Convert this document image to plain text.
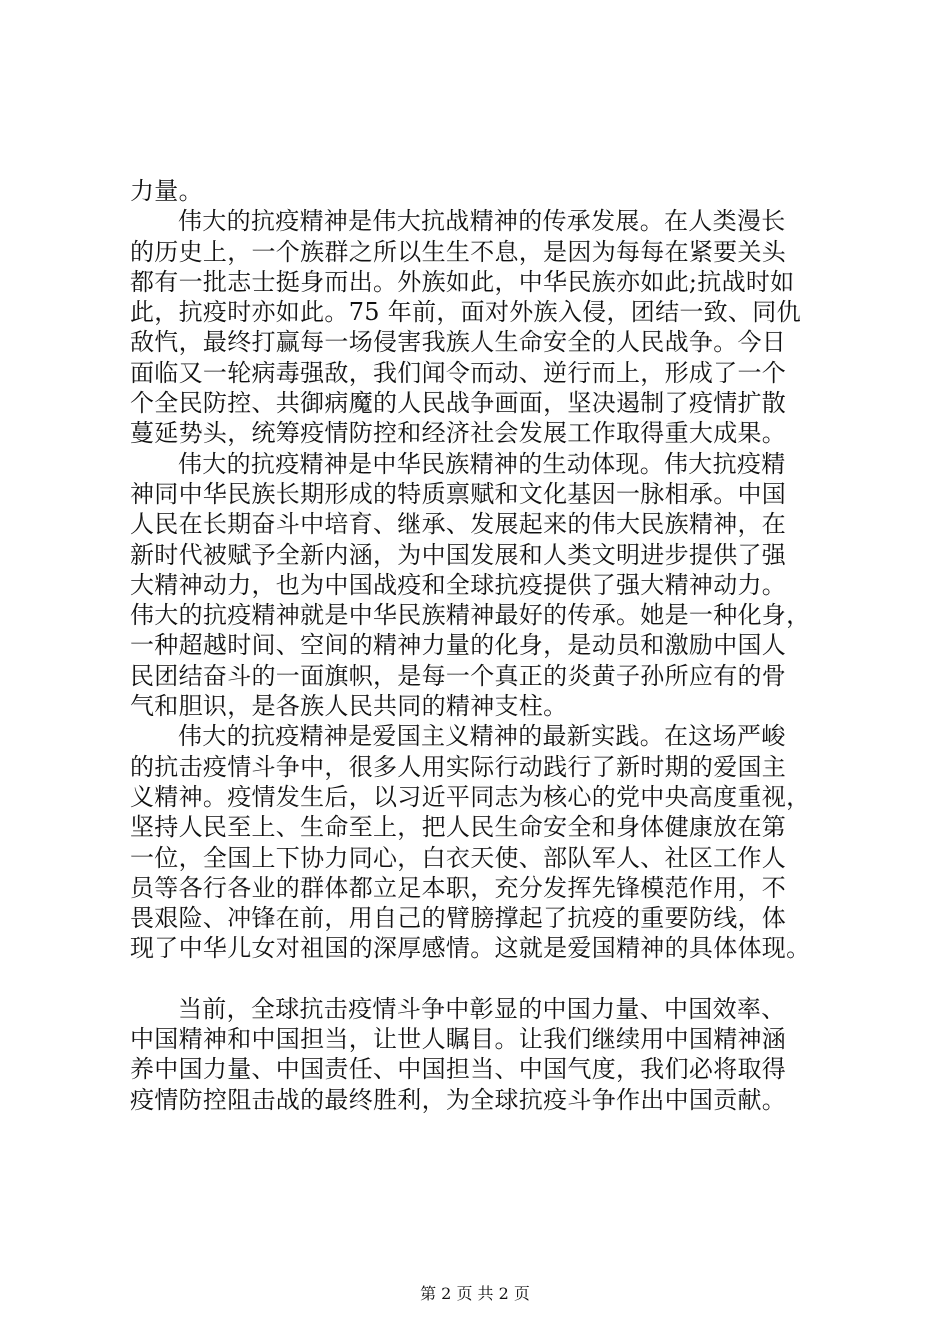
力量。
伟大的抗疫精神是伟大抗战精神的传承发展。在人类漫长
的历史上，一个族群之所以生生不息，是因为每每在紧要关头
都有一批志士挺身而出。外族如此，中华民族亦如此;抗战时如
此，抗疫时亦如此。75 年前，面对外族入侵，团结一致、同仇
敌忾，最终打赢每一场侵害我族人生命安全的人民战争。今日
面临又一轮病毒强敌，我们闻令而动、逆行而上，形成了一个
个全民防控、共御病魔的人民战争画面，坚决遏制了疫情扩散
蔓延势头，统筹疫情防控和经济社会发展工作取得重大成果。
伟大的抗疫精神是中华民族精神的生动体现。伟大抗疫精
神同中华民族长期形成的特质禀赋和文化基因一脉相承。中国
人民在长期奋斗中培育、继承、发展起来的伟大民族精神，在
新时代被赋予全新内涵，为中国发展和人类文明进步提供了强
大精神动力，也为中国战疫和全球抗疫提供了强大精神动力。
伟大的抗疫精神就是中华民族精神最好的传承。她是一种化身，
一种超越时间、空间的精神力量的化身，是动员和激励中国人
民团结奋斗的一面旗帜，是每一个真正的炎黄子孙所应有的骨
气和胆识，是各族人民共同的精神支柱。
伟大的抗疫精神是爱国主义精神的最新实践。在这场严峻
的抗击疫情斗争中，很多人用实际行动践行了新时期的爱国主
义精神。疫情发生后，以习近平同志为核心的党中央高度重视，
坚持人民至上、生命至上，把人民生命安全和身体健康放在第
一位，全国上下协力同心，白衣天使、部队军人、社区工作人
员等各行各业的群体都立足本职，充分发挥先锋模范作用，不
畏艰险、冲锋在前，用自己的臂膀撑起了抗疫的重要防线，体
现了中华儿女对祖国的深厚感情。这就是爱国精神的具体体现。
当前，全球抗击疫情斗争中彰显的中国力量、中国效率、
中国精神和中国担当，让世人瞩目。让我们继续用中国精神涵
养中国力量、中国责任、中国担当、中国气度，我们必将取得
疫情防控阻击战的最终胜利，为全球抗疫斗争作出中国贡献。
第 2 页 共 2 页
